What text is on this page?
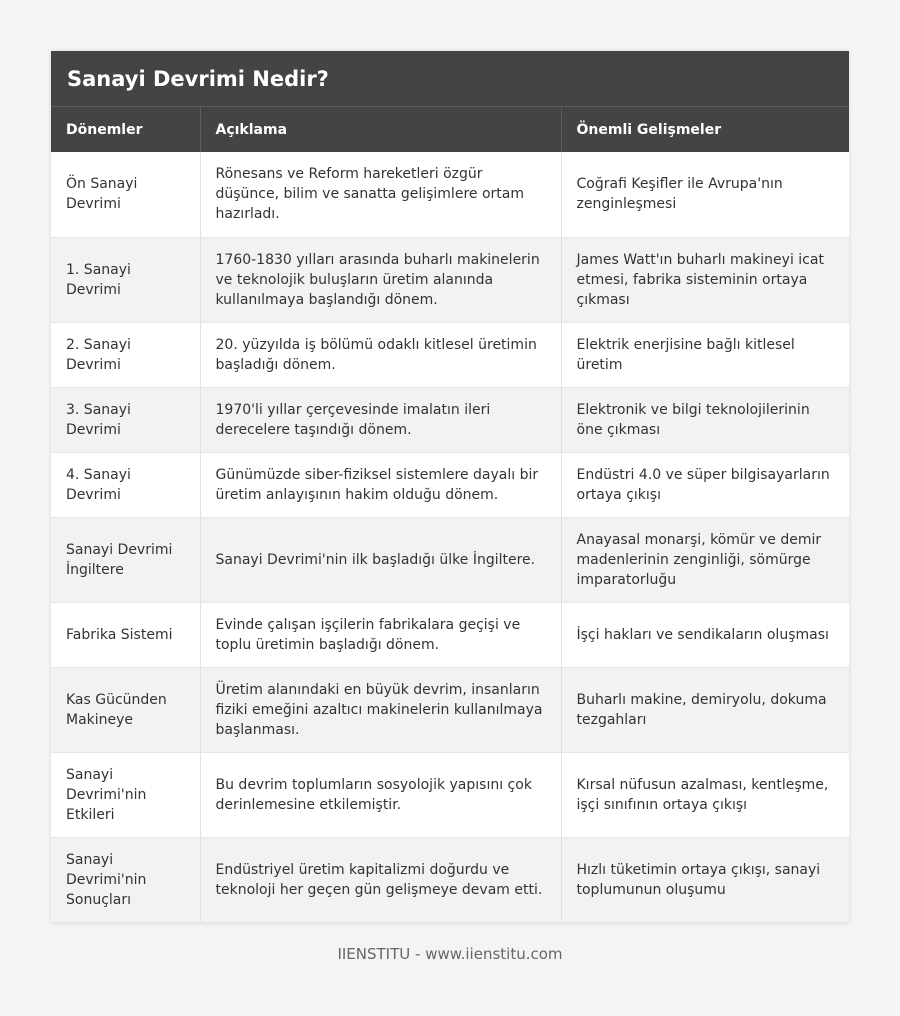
Sanayi Devrimi Nedir?
Dönemler	Açıklama	Önemli Gelişmeler
Ön Sanayi Devrimi	Rönesans ve Reform hareketleri özgür düşünce, bilim ve sanatta gelişimlere ortam hazırladı.	Coğrafi Keşifler ile Avrupa'nın zenginleşmesi
1. Sanayi Devrimi	1760-1830 yılları arasında buharlı makinelerin ve teknolojik buluşların üretim alanında kullanılmaya başlandığı dönem.	James Watt'ın buharlı makineyi icat etmesi, fabrika sisteminin ortaya çıkması
2. Sanayi Devrimi	20. yüzyılda iş bölümü odaklı kitlesel üretimin başladığı dönem.	Elektrik enerjisine bağlı kitlesel üretim
3. Sanayi Devrimi	1970'li yıllar çerçevesinde imalatın ileri derecelere taşındığı dönem.	Elektronik ve bilgi teknolojilerinin öne çıkması
4. Sanayi Devrimi	Günümüzde siber-fiziksel sistemlere dayalı bir üretim anlayışının hakim olduğu dönem.	Endüstri 4.0 ve süper bilgisayarların ortaya çıkışı
Sanayi Devrimi İngiltere	Sanayi Devrimi'nin ilk başladığı ülke İngiltere.	Anayasal monarşi, kömür ve demir madenlerinin zenginliği, sömürge imparatorluğu
Fabrika Sistemi	Evinde çalışan işçilerin fabrikalara geçişi ve toplu üretimin başladığı dönem.	İşçi hakları ve sendikaların oluşması
Kas Gücünden Makineye	Üretim alanındaki en büyük devrim, insanların fiziki emeğini azaltıcı makinelerin kullanılmaya başlanması.	Buharlı makine, demiryolu, dokuma tezgahları
Sanayi Devrimi'nin Etkileri	Bu devrim toplumların sosyolojik yapısını çok derinlemesine etkilemiştir.	Kırsal nüfusun azalması, kentleşme, işçi sınıfının ortaya çıkışı
Sanayi Devrimi'nin Sonuçları	Endüstriyel üretim kapitalizmi doğurdu ve teknoloji her geçen gün gelişmeye devam etti.	Hızlı tüketimin ortaya çıkışı, sanayi toplumunun oluşumu
IIENSTITU - www.iienstitu.com
